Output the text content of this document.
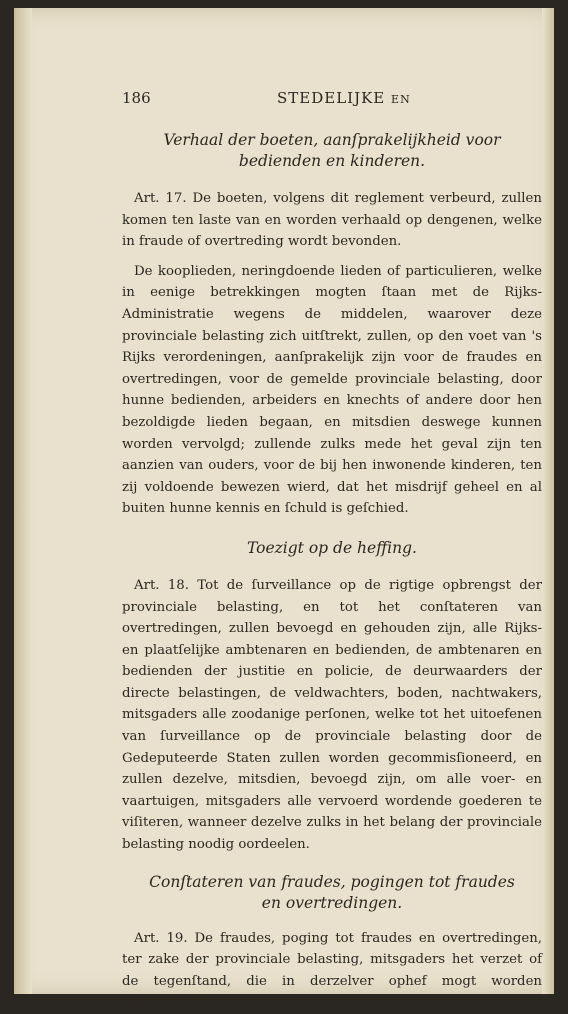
186	STEDELIJKE EN
Verhaal der boeten, aanſprakelijkheid voor
bedienden en kinderen.

Art. 17. De boeten, volgens dit reglement verbeurd, zullen komen ten laste van en worden verhaald op dengenen, welke in fraude of overtreding wordt bevonden.

De kooplieden, neringdoende lieden of particulieren, welke in eenige betrekkingen mogten ſtaan met de Rijks-Administratie wegens de middelen, waarover deze provinciale belasting zich uitſtrekt, zullen, op den voet van 's Rijks verordeningen, aanſprakelijk zijn voor de fraudes en overtredingen, voor de gemelde provinciale belasting, door hunne bedienden, arbeiders en knechts of andere door hen bezoldigde lieden begaan, en mitsdien deswege kunnen worden vervolgd; zullende zulks mede het geval zijn ten aanzien van ouders, voor de bij hen inwonende kinderen, ten zij voldoende bewezen wierd, dat het misdrijf geheel en al buiten hunne kennis en ſchuld is geſchied.

Toezigt op de heffing.

Art. 18. Tot de ſurveillance op de rigtige opbrengst der provinciale belasting, en tot het conſtateren van overtredingen, zullen bevoegd en gehouden zijn, alle Rijks- en plaatſelijke ambtenaren en bedienden, de ambtenaren en bedienden der justitie en policie, de deurwaarders der directe belastingen, de veldwachters, boden, nachtwakers, mitsgaders alle zoodanige perſonen, welke tot het uitoefenen van ſurveillance op de provinciale belasting door de Gedeputeerde Staten zullen worden gecommisſioneerd, en zullen dezelve, mitsdien, bevoegd zijn, om alle voer- en vaartuigen, mitsgaders alle vervoerd wordende goederen te viſiteren, wanneer dezelve zulks in het belang der provinciale belasting noodig oordeelen.

Conſtateren van fraudes, pogingen tot fraudes
en overtredingen.

Art. 19. De fraudes, poging tot fraudes en overtredingen, ter zake der provinciale belasting, mitsgaders het verzet of de tegenſtand, die in derzelver ophef mogt worden ondervonden,
